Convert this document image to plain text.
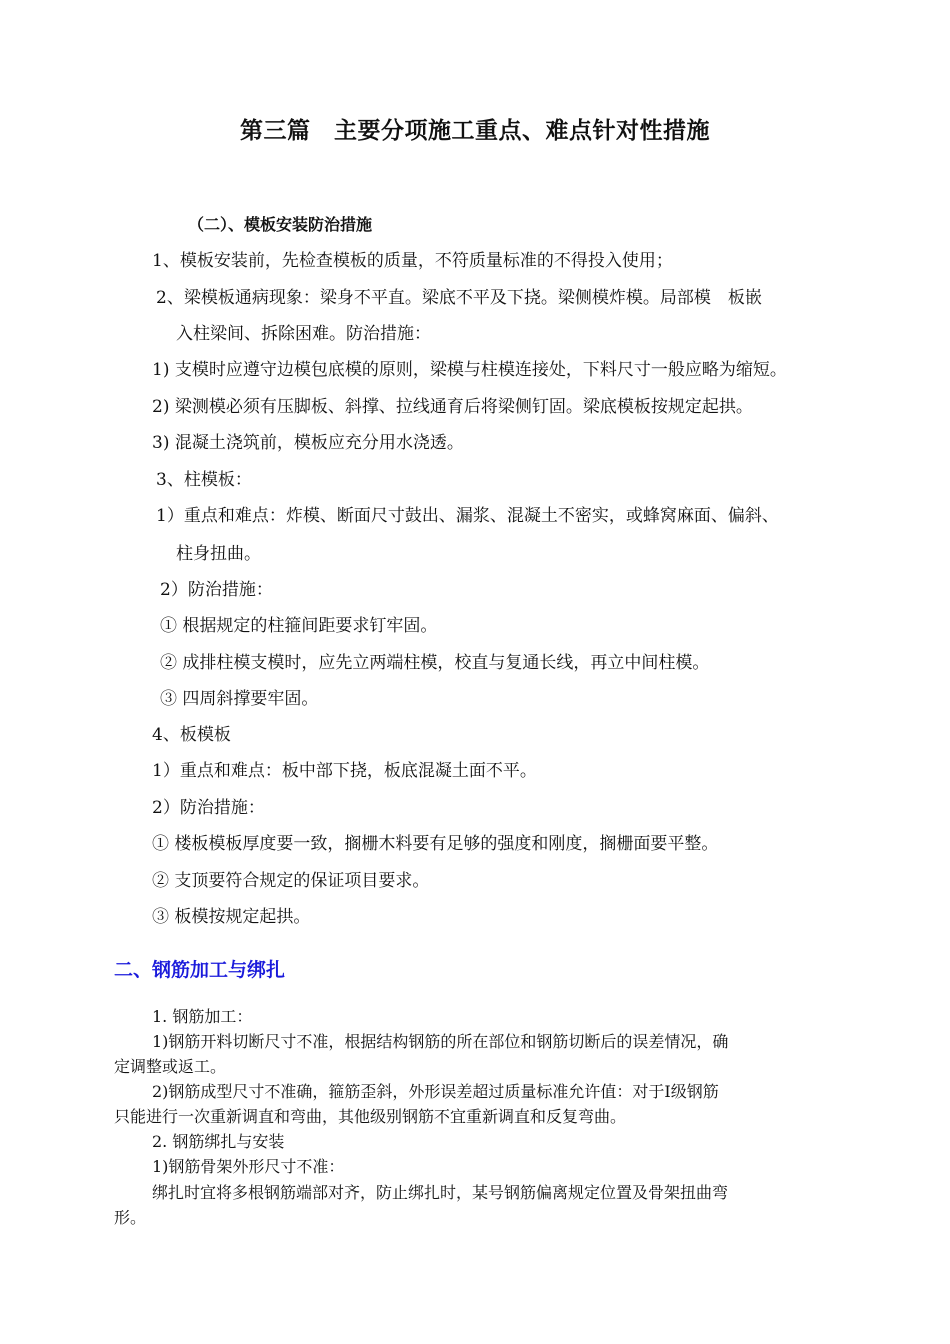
第三篇　主要分项施工重点、难点针对性措施
（二）、模板安装防治措施
1、模板安装前，先检查模板的质量，不符质量标准的不得投入使用；
2、梁模板通病现象：梁身不平直。梁底不平及下挠。梁侧模炸模。局部模　板嵌
入柱梁间、拆除困难。防治措施：
1) 支模时应遵守边模包底模的原则，梁模与柱模连接处，下料尺寸一般应略为缩短。
2) 梁测模必须有压脚板、斜撑、拉线通育后将梁侧钉固。梁底模板按规定起拱。
3) 混凝土浇筑前，模板应充分用水浇透。
3、柱模板：
1）重点和难点：炸模、断面尺寸鼓出、漏浆、混凝土不密实，或蜂窝麻面、偏斜、
柱身扭曲。
2）防治措施：
① 根据规定的柱箍间距要求钉牢固。
② 成排柱模支模时，应先立两端柱模，校直与复通长线，再立中间柱模。
③ 四周斜撑要牢固。
4、板模板
1）重点和难点：板中部下挠，板底混凝土面不平。
2）防治措施：
① 楼板模板厚度要一致，搁栅木料要有足够的强度和刚度，搁栅面要平整。
② 支顶要符合规定的保证项目要求。
③ 板模按规定起拱。
二、钢筋加工与绑扎
1. 钢筋加工：
1)钢筋开料切断尺寸不准，根据结构钢筋的所在部位和钢筋切断后的误差情况，确
定调整或返工。
2)钢筋成型尺寸不准确，箍筋歪斜，外形误差超过质量标准允许值：对于Ⅰ级钢筋
只能进行一次重新调直和弯曲，其他级别钢筋不宜重新调直和反复弯曲。
2. 钢筋绑扎与安装
1)钢筋骨架外形尺寸不准：
绑扎时宜将多根钢筋端部对齐，防止绑扎时，某号钢筋偏离规定位置及骨架扭曲弯
形。
